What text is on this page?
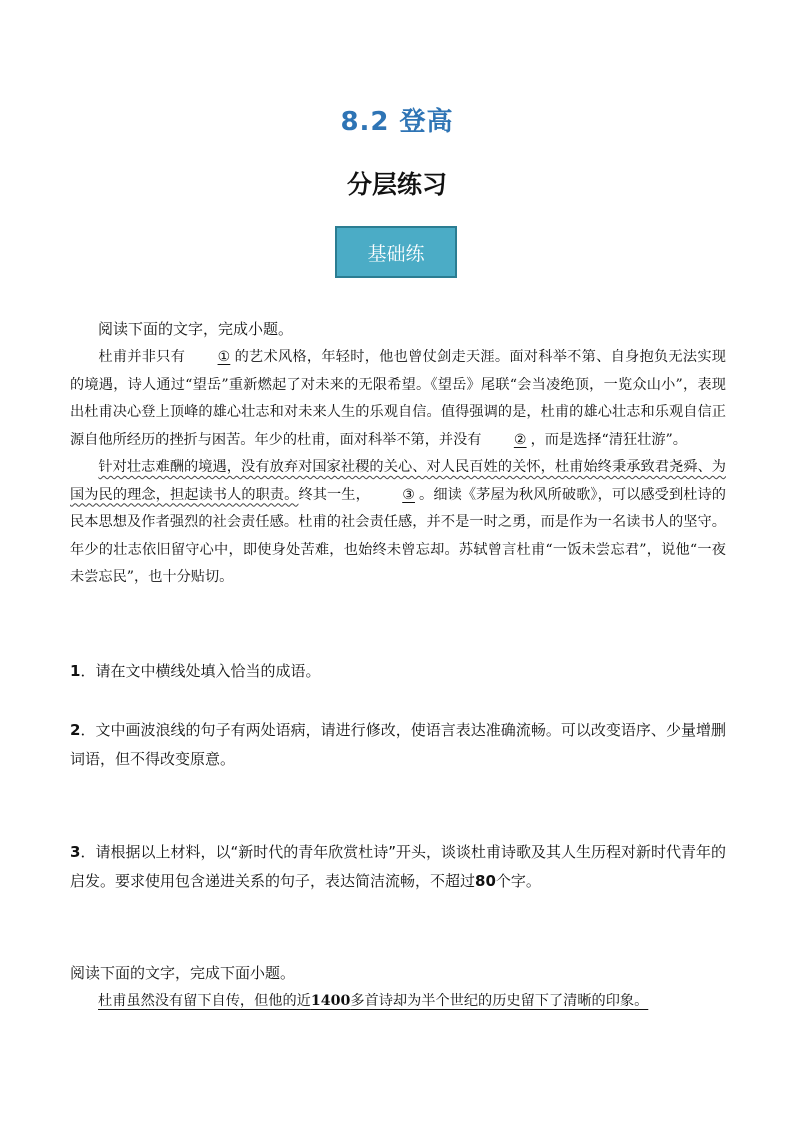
8.2 登高
分层练习
基础练

阅读下面的文字，完成小题。

杜甫并非只有 ① 的艺术风格，年轻时，他也曾仗剑走天涯。面对科举不第、自身抱负无法实现的境遇，诗人通过“望岳”重新燃起了对未来的无限希望。《望岳》尾联“会当凌绝顶，一览众山小”，表现出杜甫决心登上顶峰的雄心壮志和对未来人生的乐观自信。值得强调的是，杜甫的雄心壮志和乐观自信正源自他所经历的挫折与困苦。年少的杜甫，面对科举不第，并没有 ② ，而是选择“清狂壮游”。

针对壮志难酬的境遇，没有放弃对国家社稷的关心、对人民百姓的关怀，杜甫始终秉承致君尧舜、为国为民的理念，担起读书人的职责。终其一生， ③ 。细读《茅屋为秋风所破歌》，可以感受到杜诗的民本思想及作者强烈的社会责任感。杜甫的社会责任感，并不是一时之勇，而是作为一名读书人的坚守。年少的壮志依旧留守心中，即使身处苦难，也始终未曾忘却。苏轼曾言杜甫“一饭未尝忘君”，说他“一夜未尝忘民”，也十分贴切。

1．请在文中横线处填入恰当的成语。

2．文中画波浪线的句子有两处语病，请进行修改，使语言表达准确流畅。可以改变语序、少量增删词语，但不得改变原意。

3．请根据以上材料，以“新时代的青年欣赏杜诗”开头，谈谈杜甫诗歌及其人生历程对新时代青年的启发。要求使用包含递进关系的句子，表达简洁流畅，不超过80个字。

阅读下面的文字，完成下面小题。

杜甫虽然没有留下自传，但他的近1400多首诗却为半个世纪的历史留下了清晰的印象。
